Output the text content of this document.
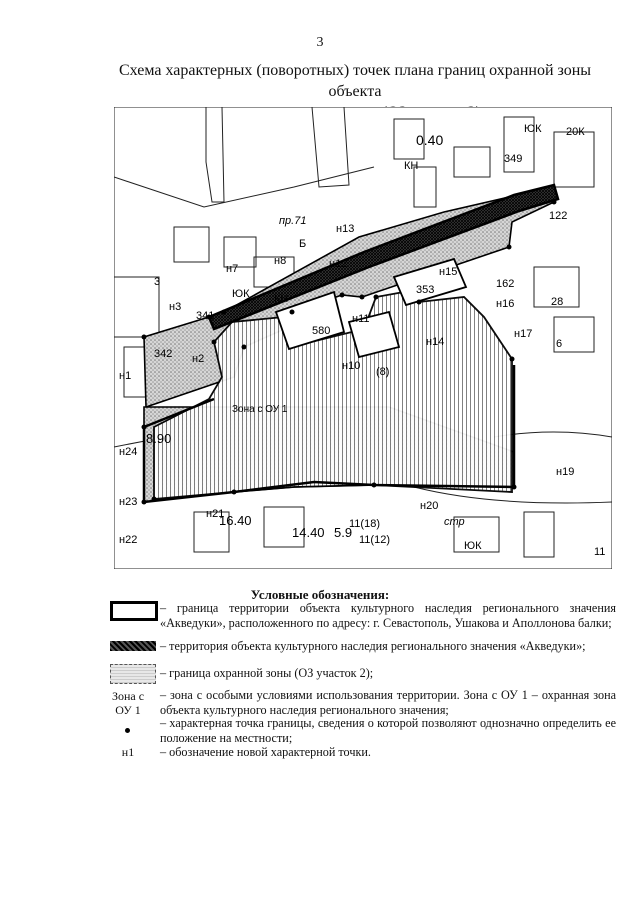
3
Схема характерных (поворотных) точек плана границ охранной зоны объекта
н1
н2
н3
н7
н8
н10
н11
н12
н13
н14
н15
н16
н17
н19
н20
н21
н22
н23
н24
341
342
580
353
349
0.40
122
162
28
11
20К
3
6
8.90
16.40
14.40 5.9
11(18)
11(12)
(8)
ЮК
ЮК
ЮК
КН
КН
Б
пр.71
стр
Зона с ОУ 1
Условные обозначения:
– граница территории объекта культурного наследия регионального значения «Акведуки», расположенного по адресу: г. Севастополь, Ушакова и Аполлонова балки;
– территория объекта культурного наследия регионального значения «Акведуки»;
– граница охранной зоны (ОЗ участок 2);
Зона с ОУ 1
– зона с особыми условиями использования территории. Зона с ОУ 1 – охранная зона объекта культурного наследия регионального значения;
– характерная точка границы, сведения о которой позволяют однозначно определить ее положение на местности;
н1	– обозначение новой характерной точки.
